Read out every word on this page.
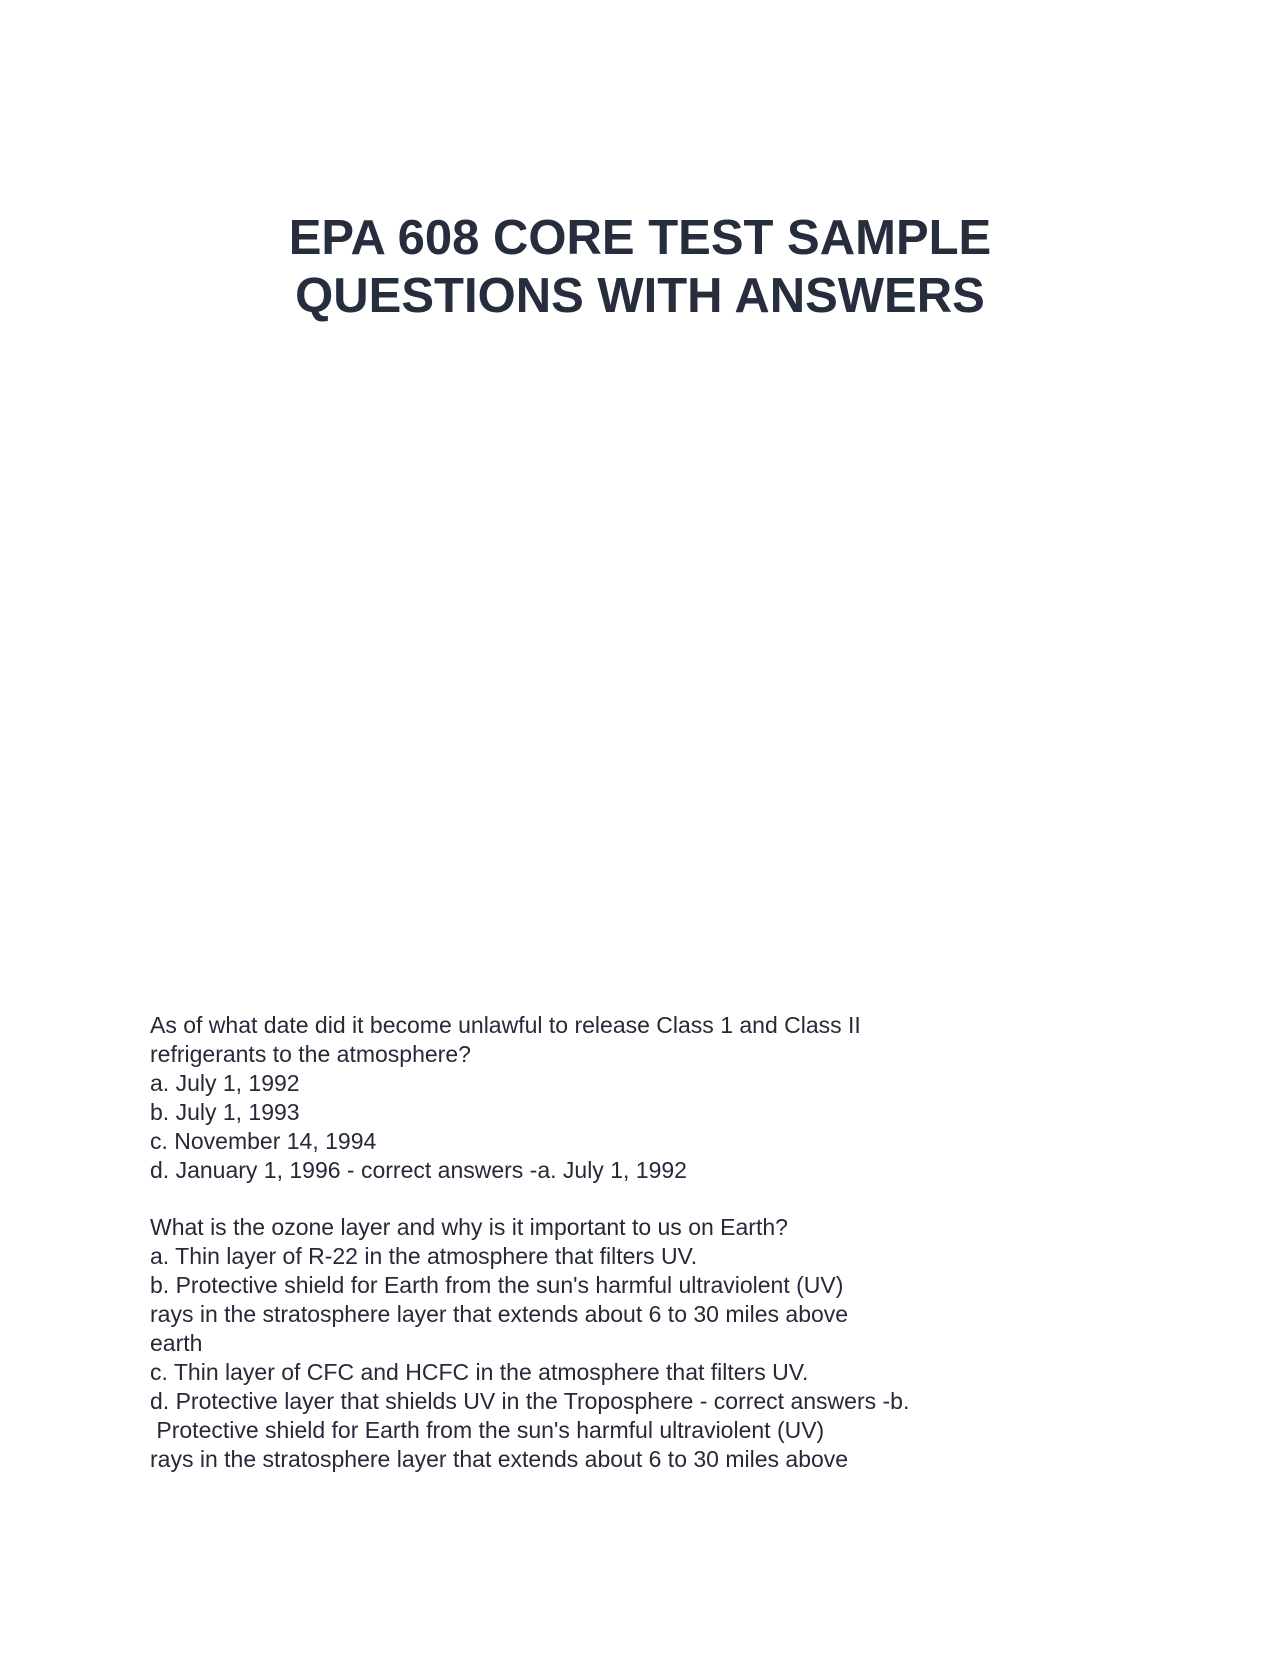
EPA 608 CORE TEST SAMPLE
QUESTIONS WITH ANSWERS
As of what date did it become unlawful to release Class 1 and Class II
refrigerants to the atmosphere?
a. July 1, 1992
b. July 1, 1993
c. November 14, 1994
d. January 1, 1996 - correct answers -a. July 1, 1992
What is the ozone layer and why is it important to us on Earth?
a. Thin layer of R-22 in the atmosphere that filters UV.
b. Protective shield for Earth from the sun's harmful ultraviolent (UV)
rays in the stratosphere layer that extends about 6 to 30 miles above
earth
c. Thin layer of CFC and HCFC in the atmosphere that filters UV.
d. Protective layer that shields UV in the Troposphere - correct answers -b.
Protective shield for Earth from the sun's harmful ultraviolent (UV)
rays in the stratosphere layer that extends about 6 to 30 miles above
